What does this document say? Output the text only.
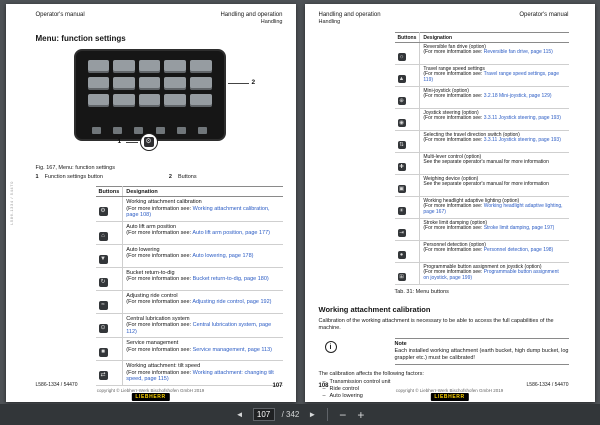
L586-1334 / 54470
Operator's manual	Handling and operation
Handling
Menu: function settings
2
⚙
1
Fig. 167, Menu: function settings
1 Function settings button	2 Buttons
Buttons	Designation
⚙	Working attachment calibration
(For more information see: Working attachment calibration, page 108)

⌂	Auto lift arm position
(For more information see: Auto lift arm position, page 177)

▼	Auto lowering
(For more information see: Auto lowering, page 178)

↻	Bucket return-to-dig
(For more information see: Bucket return-to-dig, page 180)

≈	Adjusting ride control
(For more information see: Adjusting ride control, page 192)

⊙	Central lubrication system
(For more information see: Central lubrication system, page 112)

■	Service management
(For more information see: Service management, page 113)

⇄	Working attachment: tilt speed
(For more information see: Working attachment: changing tilt speed, page 115)
L586-1334 / 54470	107
copyright © Liebherr-Werk Bischofshofen GmbH 2019
LIEBHERR
Handling and operation
Handling
Operator's manual
Buttons	Designation
☼	Reversible fan drive (option)
(For more information see: Reversible fan drive, page 115)

▲	Travel range speed settings
(For more information see: Travel range speed settings, page 119)

⊕	Mini-joystick (option)
(For more information see: 3.2.18 Mini-joystick, page 129)

◉	Joystick steering (option)
(For more information see: 3.3.11 Joystick steering, page 193)

⇅	Selecting the travel direction switch (option)
(For more information see: 3.3.11 Joystick steering, page 193)

✚	Multi-lever control (option)
See the separate operator's manual for more information

▣	Weighing device (option)
See the separate operator's manual for more information

☀	Working headlight adaptive lighting (option)
(For more information see: Working headlight adaptive lighting, page 167)

⇥	Stroke limit damping (option)
(For more information see: Stroke limit damping, page 197)

●	Personnel detection (option)
(For more information see: Personnel detection, page 198)

⊞	Programmable button assignment on joystick (option)
(For more information see: Programmable button assignment on joystick, page 199)
Tab. 31: Menu buttons
Working attachment calibration

Calibration of the working attachment is necessary to be able to access the full capabilities of the machine.

i	Note
Each installed working attachment (earth bucket, high dump bucket, log grappler etc.) must be calibrated!
The calibration affects the following factors:
– Transmission control unit
– Ride control
– Auto lowering
108	L586-1334 / 54470
copyright © Liebherr-Werk Bischofshofen GmbH 2019
LIEBHERR
◄	107	/ 342 ► − +
